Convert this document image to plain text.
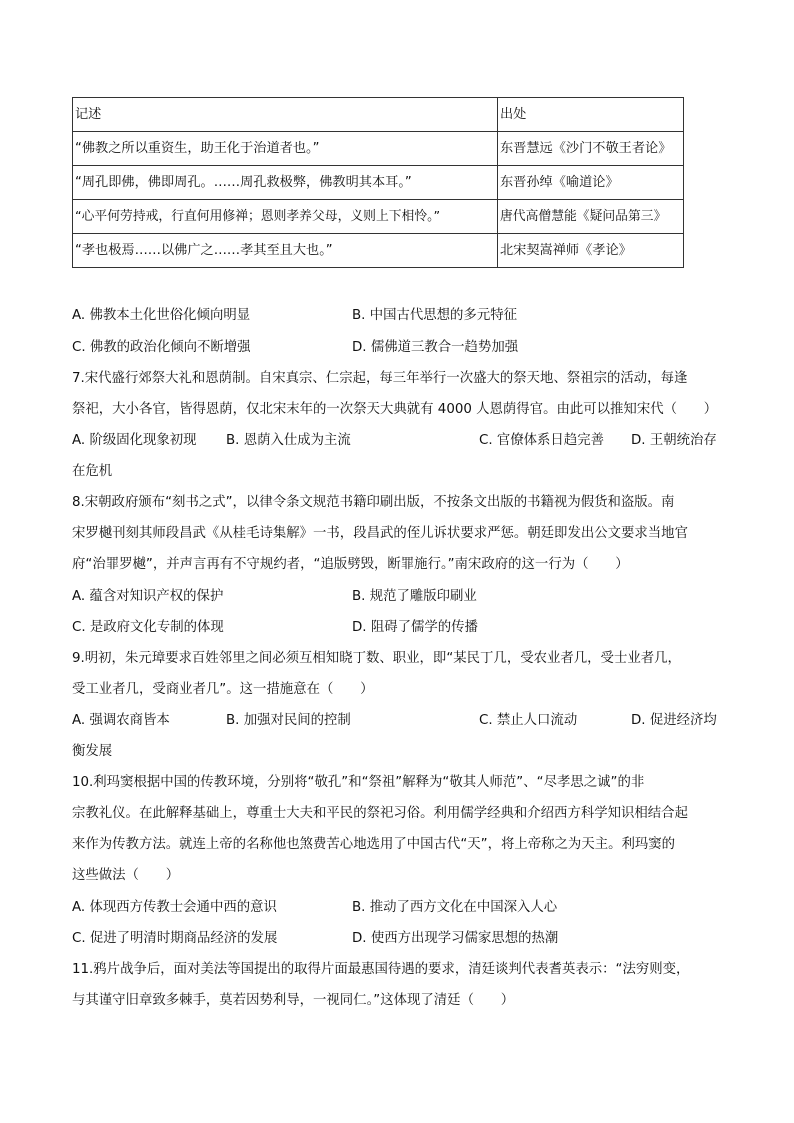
记述	出处
“佛教之所以重资生，助王化于治道者也。”	东晋慧远《沙门不敬王者论》
“周孔即佛，佛即周孔。……周孔救极弊，佛教明其本耳。”	东晋孙绰《喻道论》
“心平何劳持戒，行直何用修禅；恩则孝养父母，义则上下相怜。”	唐代高僧慧能《疑问品第三》
“孝也极焉……以佛广之……孝其至且大也。”	北宋契嵩禅师《孝论》
A. 佛教本土化世俗化倾向明显	B. 中国古代思想的多元特征
C. 佛教的政治化倾向不断增强	D. 儒佛道三教合一趋势加强
7.宋代盛行郊祭大礼和恩荫制。自宋真宗、仁宗起，每三年举行一次盛大的祭天地、祭祖宗的活动，每逢
祭祀，大小各官，皆得恩荫，仅北宋末年的一次祭天大典就有 4000 人恩荫得官。由此可以推知宋代（　　）
A. 阶级固化现象初现 B. 恩荫入仕成为主流	C. 官僚体系日趋完善 D. 王朝统治存
在危机
8.宋朝政府颁布“刻书之式”，以律令条文规范书籍印刷出版，不按条文出版的书籍视为假货和盗版。南
宋罗樾刊刻其师段昌武《从桂毛诗集解》一书，段昌武的侄儿诉状要求严惩。朝廷即发出公文要求当地官
府“治罪罗樾”，并声言再有不守规约者，“追版劈毁，断罪施行。”南宋政府的这一行为（　　）
A. 蕴含对知识产权的保护	B. 规范了雕版印刷业
C. 是政府文化专制的体现	D. 阻碍了儒学的传播
9.明初，朱元璋要求百姓邻里之间必须互相知晓丁数、职业，即“某民丁几，受农业者几，受士业者几，
受工业者几，受商业者几”。这一措施意在（　　）
A. 强调农商皆本	B. 加强对民间的控制	C. 禁止人口流动	D. 促进经济均
衡发展
10.利玛窦根据中国的传教环境，分别将“敬孔”和“祭祖”解释为“敬其人师范”、“尽孝思之诚”的非
宗教礼仪。在此解释基础上，尊重士大夫和平民的祭祀习俗。利用儒学经典和介绍西方科学知识相结合起
来作为传教方法。就连上帝的名称他也煞费苦心地选用了中国古代“天”，将上帝称之为天主。利玛窦的
这些做法（　　）
A. 体现西方传教士会通中西的意识	B. 推动了西方文化在中国深入人心
C. 促进了明清时期商品经济的发展	D. 使西方出现学习儒家思想的热潮
11.鸦片战争后，面对美法等国提出的取得片面最惠国待遇的要求，清廷谈判代表耆英表示：“法穷则变，
与其谨守旧章致多棘手，莫若因势利导，一视同仁。”这体现了清廷（　　）
